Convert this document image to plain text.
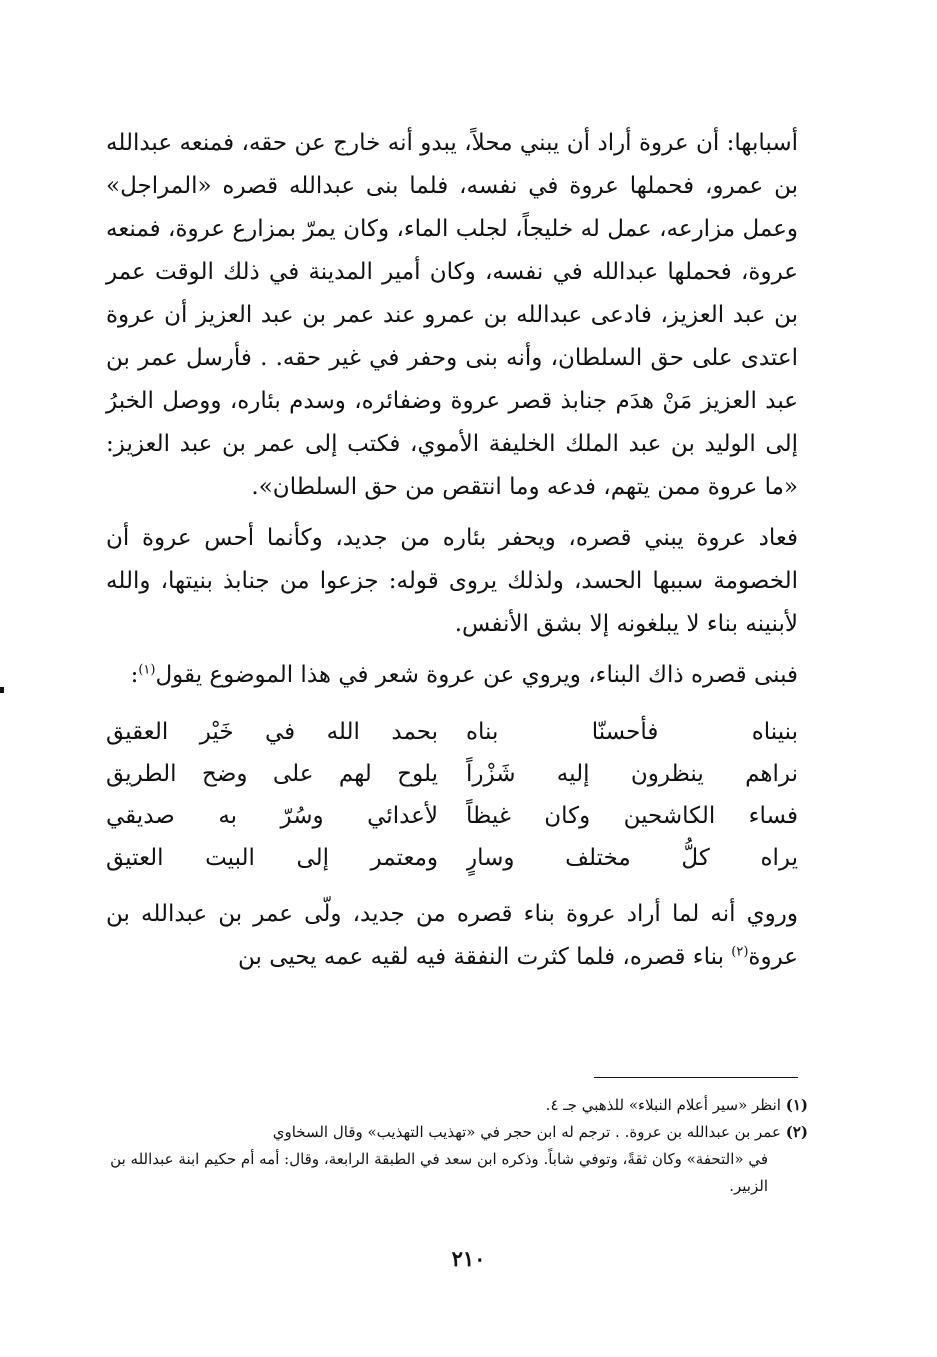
أسبابها: أن عروة أراد أن يبني محلاً، يبدو أنه خارج عن حقه، فمنعه عبدالله بن عمرو، فحملها عروة في نفسه، فلما بنى عبدالله قصره «المراجل» وعمل مزارعه، عمل له خليجاً، لجلب الماء، وكان يمرّ بمزارع عروة، فمنعه عروة، فحملها عبدالله في نفسه، وكان أمير المدينة في ذلك الوقت عمر بن عبد العزيز، فادعى عبدالله بن عمرو عند عمر بن عبد العزيز أن عروة اعتدى على حق السلطان، وأنه بنى وحفر في غير حقه. . فأرسل عمر بن عبد العزيز مَنْ هدَم جنابذ قصر عروة وضفائره، وسدم بئاره، ووصل الخبرُ إلى الوليد بن عبد الملك الخليفة الأموي، فكتب إلى عمر بن عبد العزيز: «ما عروة ممن يتهم، فدعه وما انتقص من حق السلطان».

فعاد عروة يبني قصره، ويحفر بئاره من جديد، وكأنما أحس عروة أن الخصومة سببها الحسد، ولذلك يروى قوله: جزعوا من جنابذ بنيتها، والله لأبنينه بناء لا يبلغونه إلا بشق الأنفس.

فبنى قصره ذاك البناء، ويروي عن عروة شعر في هذا الموضوع يقول$^{(١)}$:

بنيناه فأحسنّا بناه
بحمد الله في خَيْر العقيق
نراهم ينظرون إليه شَزْراً
يلوح لهم على وضح الطريق
فساء الكاشحين وكان غيظاً
لأعدائي وسُرّ به صديقي
يراه كلُّ مختلف وسارٍ
ومعتمر إلى البيت العتيق

وروي أنه لما أراد عروة بناء قصره من جديد، ولّى عمر بن عبدالله بن عروة$^{(٢)}$ بناء قصره، فلما كثرت النفقة فيه لقيه عمه يحيى بن

(١) انظر «سير أعلام النبلاء» للذهبي جـ ٤.

(٢) عمر بن عبدالله بن عروة. . ترجم له ابن حجر في «تهذيب التهذيب» وقال السخاوي
في «التحفة» وكان ثقةً، وتوفي شاباً. وذكره ابن سعد في الطبقة الرابعة، وقال: أمه أم حكيم ابنة عبدالله بن الزبير.

٢١٠
